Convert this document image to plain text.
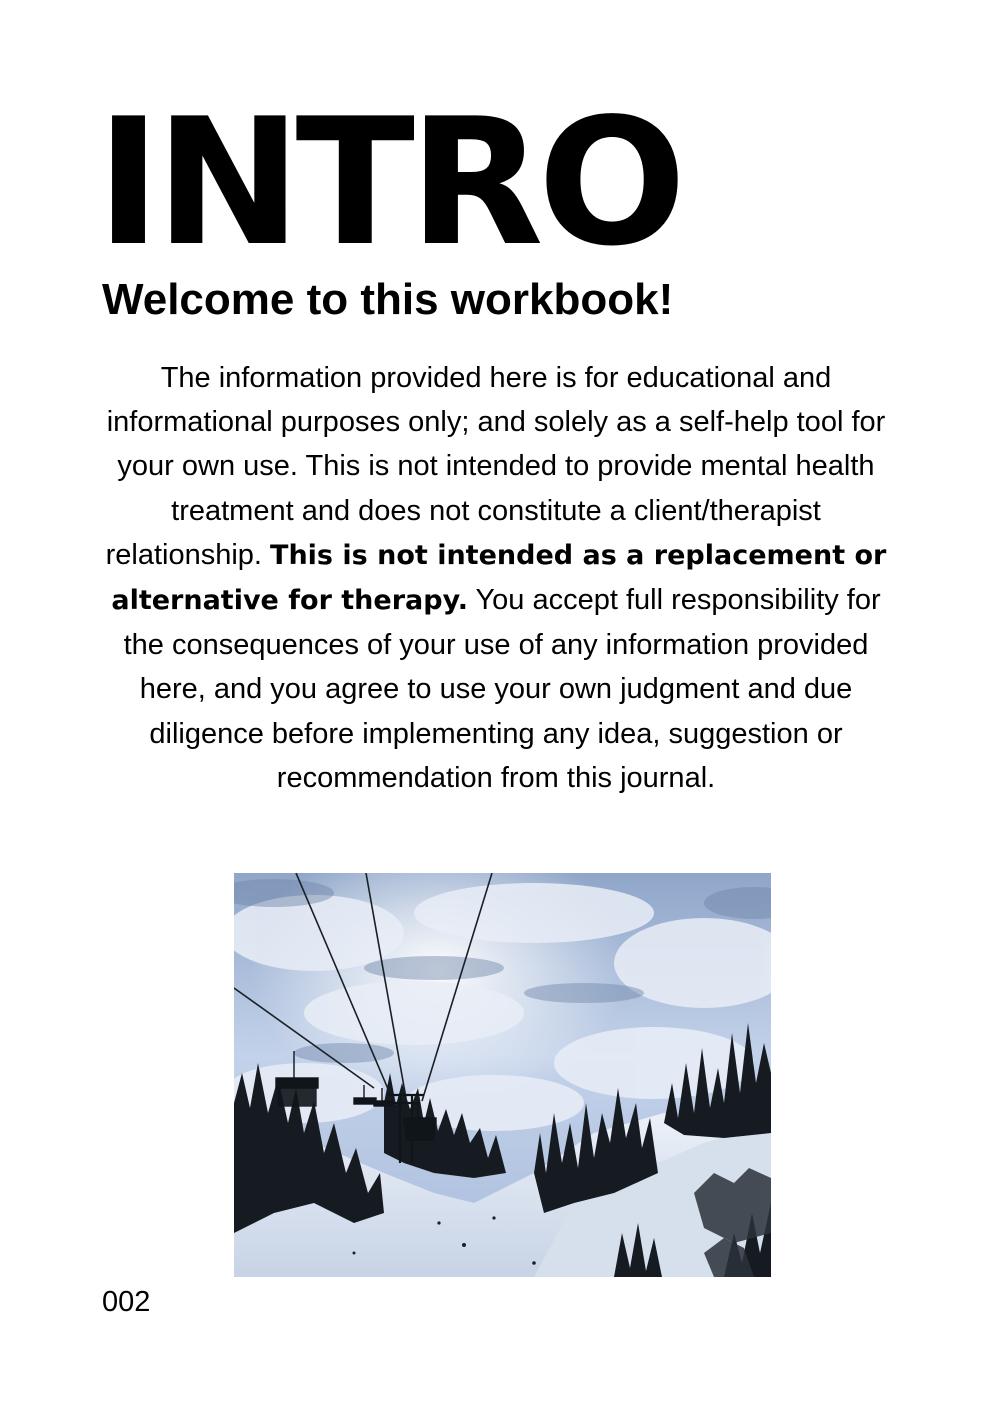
INTRO
Welcome to this workbook!

The information provided here is for educational and informational purposes only; and solely as a self-help tool for your own use. This is not intended to provide mental health treatment and does not constitute a client/therapist relationship. This is not intended as a replacement or alternative for therapy. You accept full responsibility for the consequences of your use of any information provided here, and you agree to use your own judgment and due diligence before implementing any idea, suggestion or recommendation from this journal.

002
